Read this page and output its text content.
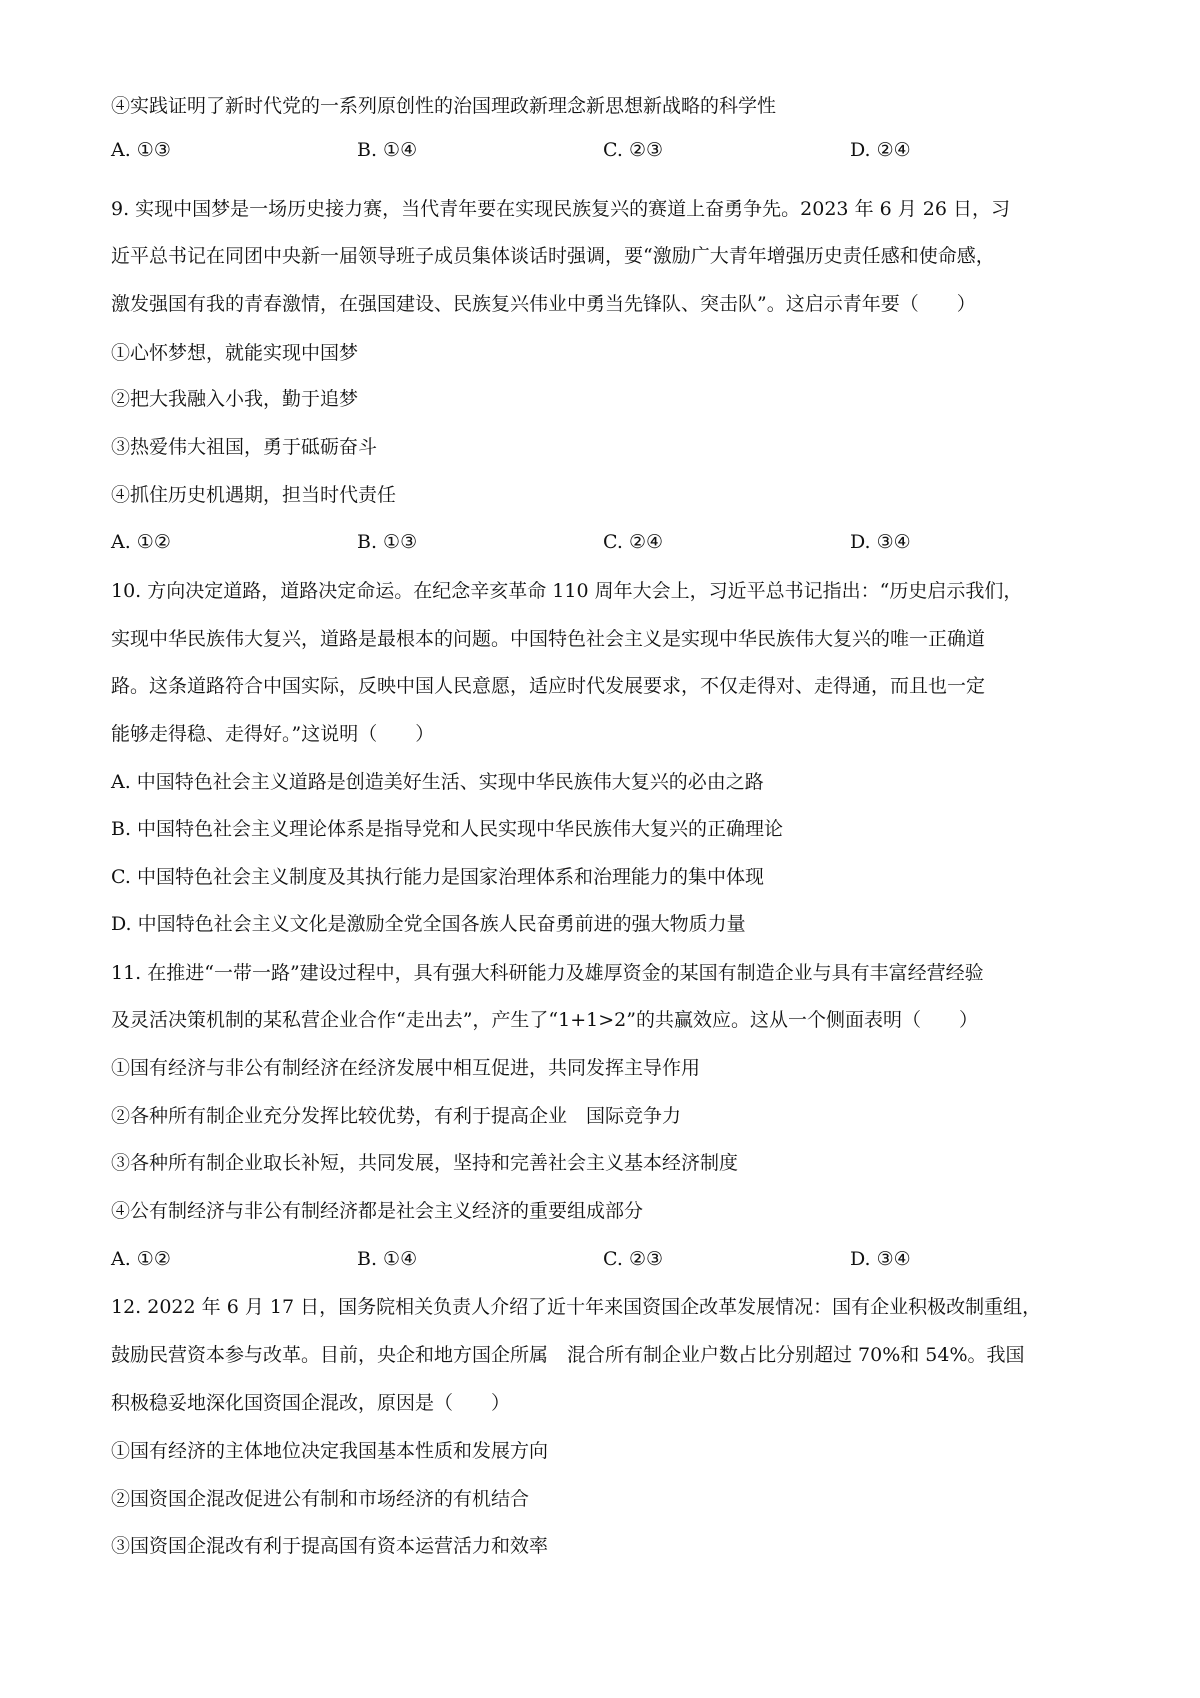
④实践证明了新时代党的一系列原创性的治国理政新理念新思想新战略的科学性
A. ①③	B. ①④	C. ②③	D. ②④
9. 实现中国梦是一场历史接力赛，当代青年要在实现民族复兴的赛道上奋勇争先。2023 年 6 月 26 日，习
近平总书记在同团中央新一届领导班子成员集体谈话时强调，要“激励广大青年增强历史责任感和使命感，
激发强国有我的青春激情，在强国建设、民族复兴伟业中勇当先锋队、突击队”。这启示青年要（　　）
①心怀梦想，就能实现中国梦
②把大我融入小我，勤于追梦
③热爱伟大祖国，勇于砥砺奋斗
④抓住历史机遇期，担当时代责任
A. ①②	B. ①③	C. ②④	D. ③④
10. 方向决定道路，道路决定命运。在纪念辛亥革命 110 周年大会上，习近平总书记指出：“历史启示我们，
实现中华民族伟大复兴，道路是最根本的问题。中国特色社会主义是实现中华民族伟大复兴的唯一正确道
路。这条道路符合中国实际，反映中国人民意愿，适应时代发展要求，不仅走得对、走得通，而且也一定
能够走得稳、走得好。”这说明（　　）
A. 中国特色社会主义道路是创造美好生活、实现中华民族伟大复兴的必由之路
B. 中国特色社会主义理论体系是指导党和人民实现中华民族伟大复兴的正确理论
C. 中国特色社会主义制度及其执行能力是国家治理体系和治理能力的集中体现
D. 中国特色社会主义文化是激励全党全国各族人民奋勇前进的强大物质力量
11. 在推进“一带一路”建设过程中，具有强大科研能力及雄厚资金的某国有制造企业与具有丰富经营经验
及灵活决策机制的某私营企业合作“走出去”，产生了“1+1>2”的共赢效应。这从一个侧面表明（　　）
①国有经济与非公有制经济在经济发展中相互促进，共同发挥主导作用
②各种所有制企业充分发挥比较优势，有利于提高企业　国际竞争力
③各种所有制企业取长补短，共同发展，坚持和完善社会主义基本经济制度
④公有制经济与非公有制经济都是社会主义经济的重要组成部分
A. ①②	B. ①④	C. ②③	D. ③④
12. 2022 年 6 月 17 日，国务院相关负责人介绍了近十年来国资国企改革发展情况：国有企业积极改制重组，
鼓励民营资本参与改革。目前，央企和地方国企所属　混合所有制企业户数占比分别超过 70%和 54%。我国
积极稳妥地深化国资国企混改，原因是（　　）
①国有经济的主体地位决定我国基本性质和发展方向
②国资国企混改促进公有制和市场经济的有机结合
③国资国企混改有利于提高国有资本运营活力和效率
